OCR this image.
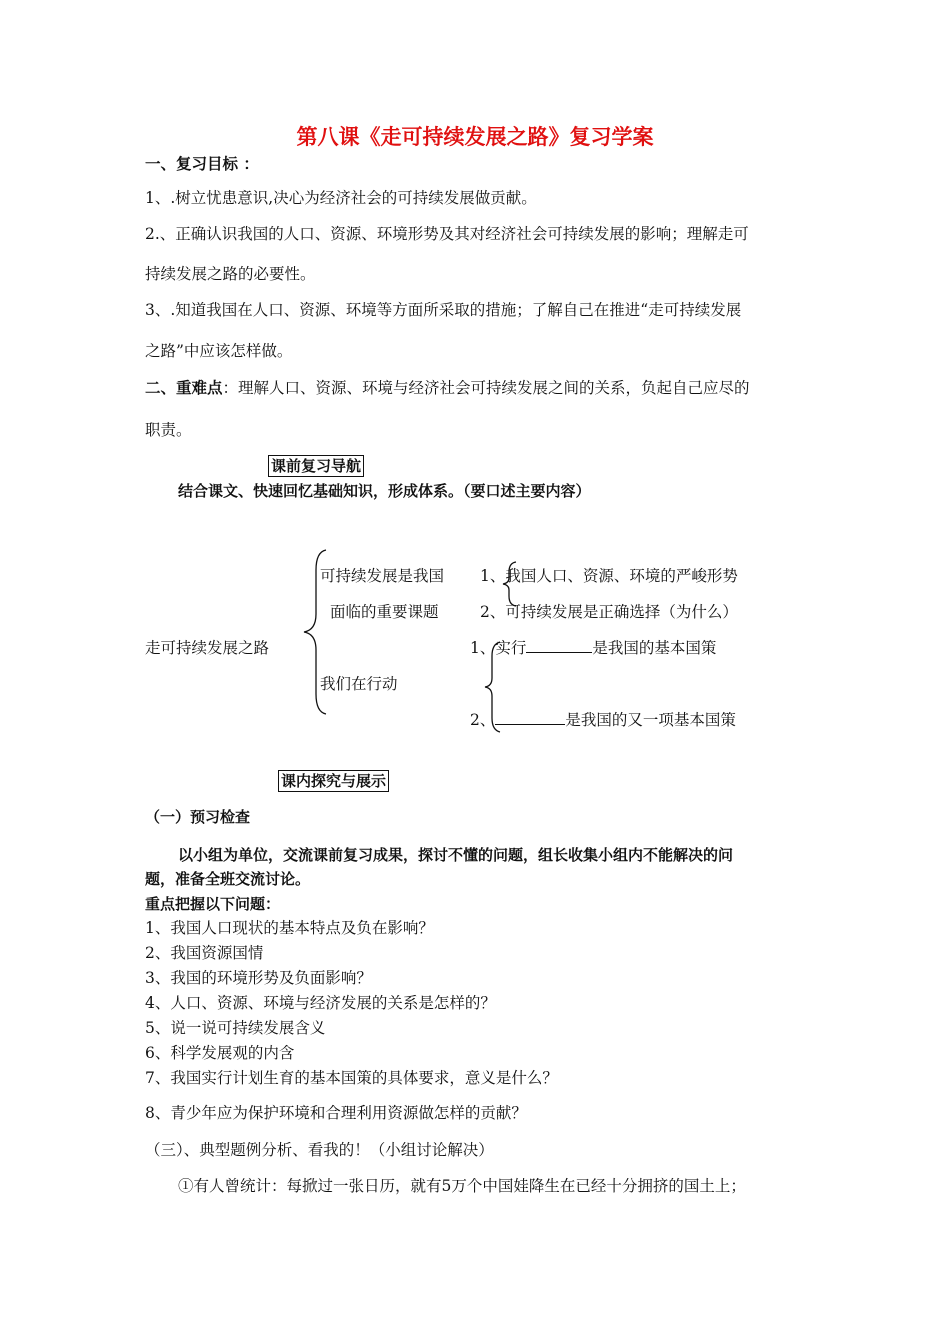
第八课《走可持续发展之路》复习学案
一、复习目标 ：
1、.树立忧患意识,决心为经济社会的可持续发展做贡献。
2.、正确认识我国的人口、资源、环境形势及其对经济社会可持续发展的影响；理解走可
持续发展之路的必要性。
3、.知道我国在人口、资源、环境等方面所采取的措施；了解自己在推进“走可持续发展
之路”中应该怎样做。
二、重难点：理解人口、资源、环境与经济社会可持续发展之间的关系，负起自己应尽的
职责。
课前复习导航
结合课文、快速回忆基础知识，形成体系。（要口述主要内容）
走可持续发展之路
可持续发展是我国
面临的重要课题
1、我国人口、资源、环境的严峻形势
2、可持续发展是正确选择（为什么）
我们在行动
1、实行	是我国的基本国策
2、	是我国的又一项基本国策
课内探究与展示
（一）预习检查
以小组为单位，交流课前复习成果，探讨不懂的问题，组长收集小组内不能解决的问
题，准备全班交流讨论。
重点把握以下问题：
1、我国人口现状的基本特点及负在影响？
2、我国资源国情
3、我国的环境形势及负面影响？
4、人口、资源、环境与经济发展的关系是怎样的？
5、说一说可持续发展含义
6、科学发展观的内含
7、我国实行计划生育的基本国策的具体要求，意义是什么？
8、青少年应为保护环境和合理利用资源做怎样的贡献？
（三）、典型题例分析、看我的！（小组讨论解决）
①有人曾统计：每掀过一张日历，就有5万个中国娃降生在已经十分拥挤的国土上；
